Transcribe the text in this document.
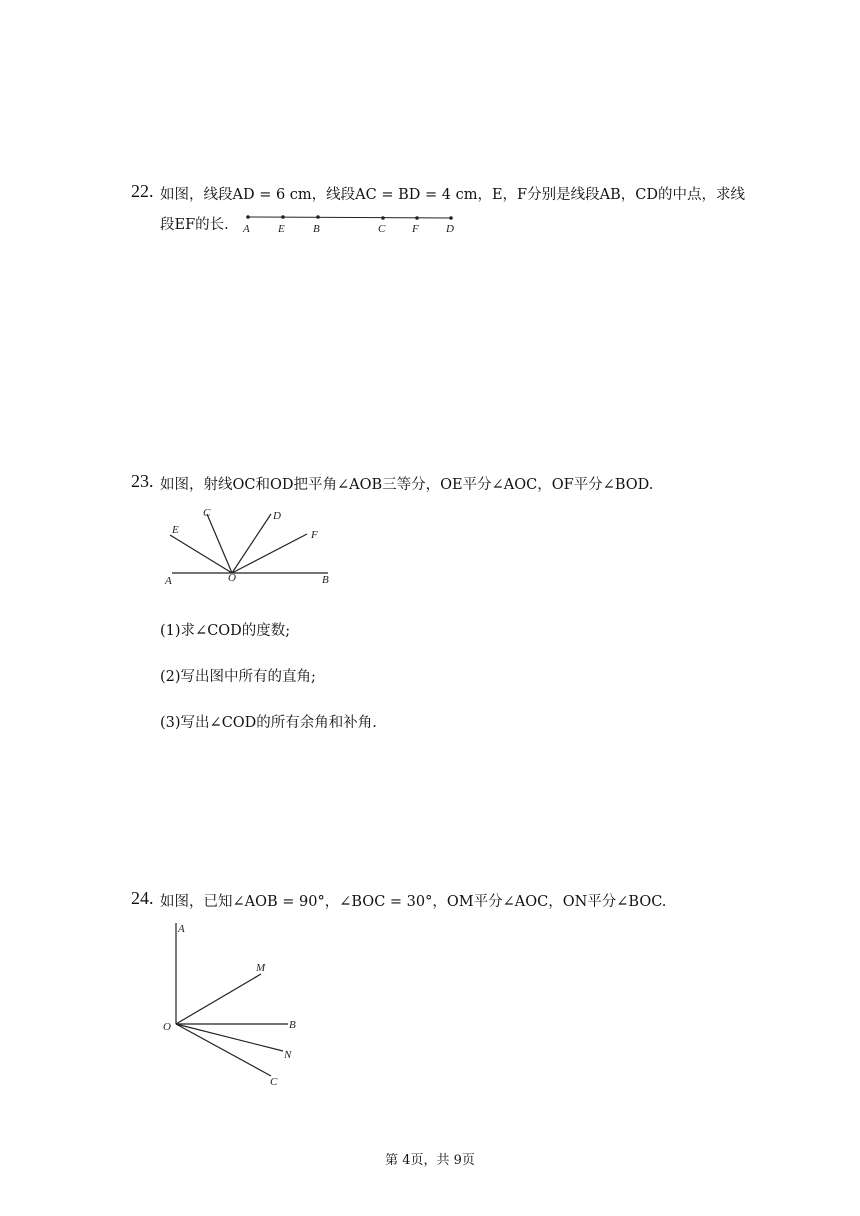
22. 如图，线段AD = 6 cm，线段AC = BD = 4 cm，E，F分别是线段AB，CD的中点，求线
段EF的长. A	E	B	C F D
23. 如图，射线OC和OD把平角∠AOB三等分，OE平分∠AOC，OF平分∠BOD.
A	O	B
C	D
E	F
(1)求∠COD的度数;
(2)写出图中所有的直角;
(3)写出∠COD的所有余角和补角.
24. 如图，已知∠AOB = 90°，∠BOC = 30°，OM平分∠AOC，ON平分∠BOC.
A
M
O	B
N
C
第 4页，共 9页
